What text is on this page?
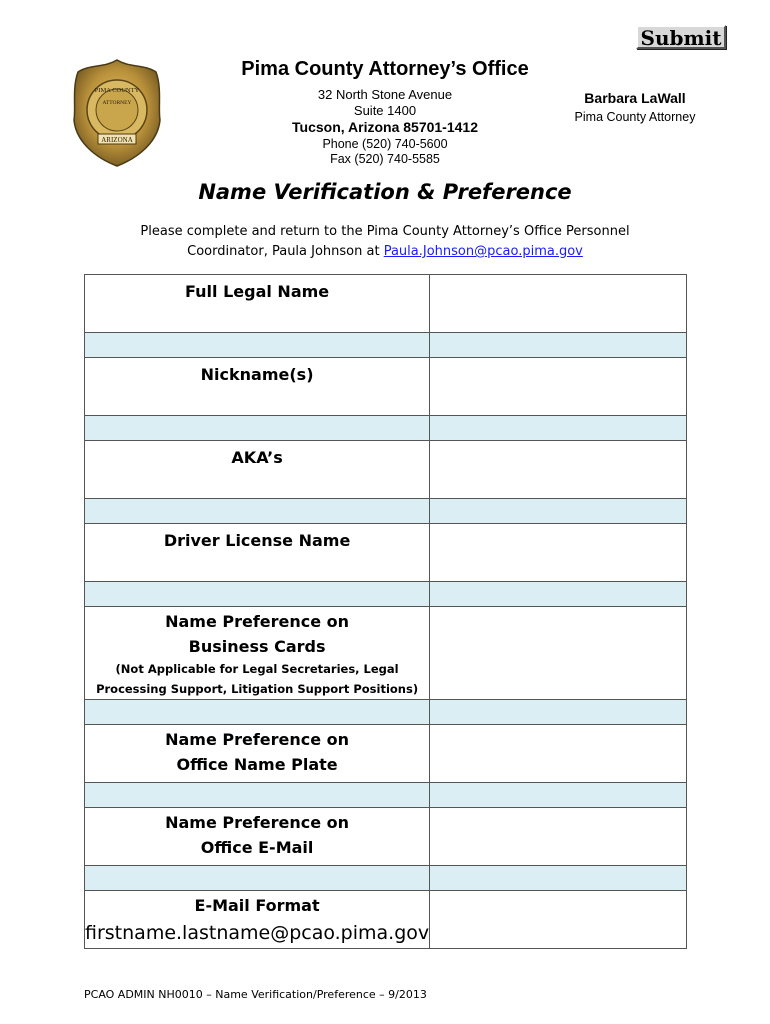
Submit
PIMA COUNTY
ATTORNEY
ARIZONA
Pima County Attorney’s Office
32 North Stone Avenue
Suite 1400
Tucson, Arizona 85701-1412
Phone (520) 740-5600
Fax (520) 740-5585
Barbara LaWall
Pima County Attorney
Name Verification & Preference
Please complete and return to the Pima County Attorney’s Office Personnel
Coordinator, Paula Johnson at Paula.Johnson@pcao.pima.gov
Full Legal Name	

Nickname(s)	

AKA’s	

Driver License Name	

Name Preference on
Business Cards
(Not Applicable for Legal Secretaries, Legal
Processing Support, Litigation Support Positions)	

Name Preference on
Office Name Plate	

Name Preference on
Office E-Mail	

E-Mail Format
firstname.lastname@pcao.pima.gov	

PCAO ADMIN NH0010 – Name Verification/Preference – 9/2013
